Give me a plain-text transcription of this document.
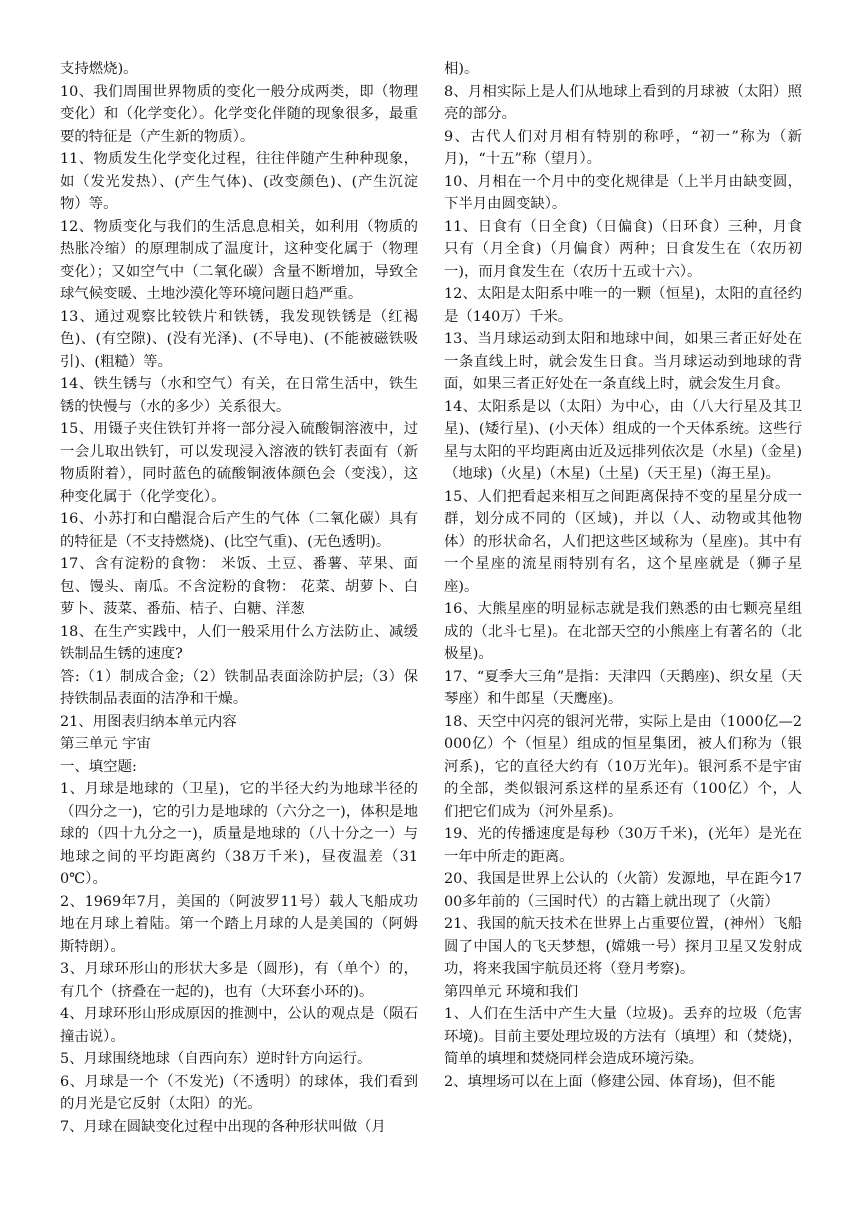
支持燃烧)。

10、我们周围世界物质的变化一般分成两类，即（物理变化）和（化学变化）。化学变化伴随的现象很多，最重要的特征是（产生新的物质）。

11、物质发生化学变化过程，往往伴随产生种种现象，如（发光发热）、(产生气体)、(改变颜色)、(产生沉淀物）等。

12、物质变化与我们的生活息息相关，如利用（物质的热胀冷缩）的原理制成了温度计，这种变化属于（物理变化）；又如空气中（二氧化碳）含量不断增加，导致全球气候变暖、土地沙漠化等环境问题日趋严重。

13、通过观察比较铁片和铁锈，我发现铁锈是（红褐色)、(有空隙)、(没有光泽)、(不导电)、(不能被磁铁吸引)、(粗糙）等。

14、铁生锈与（水和空气）有关，在日常生活中，铁生锈的快慢与（水的多少）关系很大。

15、用镊子夹住铁钉并将一部分浸入硫酸铜溶液中，过一会儿取出铁钉，可以发现浸入溶液的铁钉表面有（新物质附着），同时蓝色的硫酸铜液体颜色会（变浅），这种变化属于（化学变化）。

16、小苏打和白醋混合后产生的气体（二氧化碳）具有的特征是（不支持燃烧)、(比空气重)、(无色透明)。

17、含有淀粉的食物： 米饭、土豆、番薯、苹果、面包、馒头、南瓜。不含淀粉的食物： 花菜、胡萝卜、白萝卜、菠菜、番茄、桔子、白糖、洋葱

18、在生产实践中，人们一般采用什么方法防止、减缓铁制品生锈的速度?

答:（1）制成合金;（2）铁制品表面涂防护层;（3）保持铁制品表面的洁净和干燥。

21、用图表归纳本单元内容

第三单元 宇宙

一、填空题:

1、月球是地球的（卫星)，它的半径大约为地球半径的（四分之一)，它的引力是地球的（六分之一)，体积是地球的（四十九分之一)，质量是地球的（八十分之一）与地球之间的平均距离约（38万千米)，昼夜温差（310℃）。

2、1969年7月，美国的（阿波罗11号）载人飞船成功地在月球上着陆。第一个踏上月球的人是美国的（阿姆斯特朗）。

3、月球环形山的形状大多是（圆形)，有（单个）的，有几个（挤叠在一起的)，也有（大环套小环的)。

4、月球环形山形成原因的推测中，公认的观点是（陨石撞击说）。

5、月球围绕地球（自西向东）逆时针方向运行。

6、月球是一个（不发光)（不透明）的球体，我们看到的月光是它反射（太阳）的光。

7、月球在圆缺变化过程中出现的各种形状叫做（月

相)。

8、月相实际上是人们从地球上看到的月球被（太阳）照亮的部分。

9、古代人们对月相有特别的称呼，“初一”称为（新月)，“十五”称（望月）。

10、月相在一个月中的变化规律是（上半月由缺变圆，下半月由圆变缺）。

11、日食有（日全食)（日偏食)（日环食）三种，月食只有（月全食)（月偏食）两种；日食发生在（农历初一)，而月食发生在（农历十五或十六）。

12、太阳是太阳系中唯一的一颗（恒星)，太阳的直径约是（140万）千米。

13、当月球运动到太阳和地球中间，如果三者正好处在一条直线上时，就会发生日食。当月球运动到地球的背面，如果三者正好处在一条直线上时，就会发生月食。

14、太阳系是以（太阳）为中心，由（八大行星及其卫星)、(矮行星)、(小天体）组成的一个天体系统。这些行星与太阳的平均距离由近及远排列依次是（水星)（金星)（地球)（火星)（木星)（土星)（天王星)（海王星)。

15、人们把看起来相互之间距离保持不变的星星分成一群，划分成不同的（区域)，并以（人、动物或其他物体）的形状命名，人们把这些区域称为（星座)。其中有一个星座的流星雨特别有名，这个星座就是（狮子星座)。

16、大熊星座的明显标志就是我们熟悉的由七颗亮星组成的（北斗七星)。在北部天空的小熊座上有著名的（北极星)。

17、“夏季大三角”是指：天津四（天鹅座)、织女星（天琴座）和牛郎星（天鹰座)。

18、天空中闪亮的银河光带，实际上是由（1000亿—2000亿）个（恒星）组成的恒星集团，被人们称为（银河系)，它的直径大约有（10万光年)。银河系不是宇宙的全部，类似银河系这样的星系还有（100亿）个，人们把它们成为（河外星系)。

19、光的传播速度是每秒（30万千米)，(光年）是光在一年中所走的距离。

20、我国是世界上公认的（火箭）发源地，早在距今1700多年前的（三国时代）的古籍上就出现了（火箭）

21、我国的航天技术在世界上占重要位置，(神州）飞船圆了中国人的飞天梦想，(嫦娥一号）探月卫星又发射成功，将来我国宇航员还将（登月考察)。

第四单元 环境和我们

1、人们在生活中产生大量（垃圾)。丢弃的垃圾（危害环境)。目前主要处理垃圾的方法有（填埋）和（焚烧)，简单的填埋和焚烧同样会造成环境污染。

2、填埋场可以在上面（修建公园、体育场)，但不能
